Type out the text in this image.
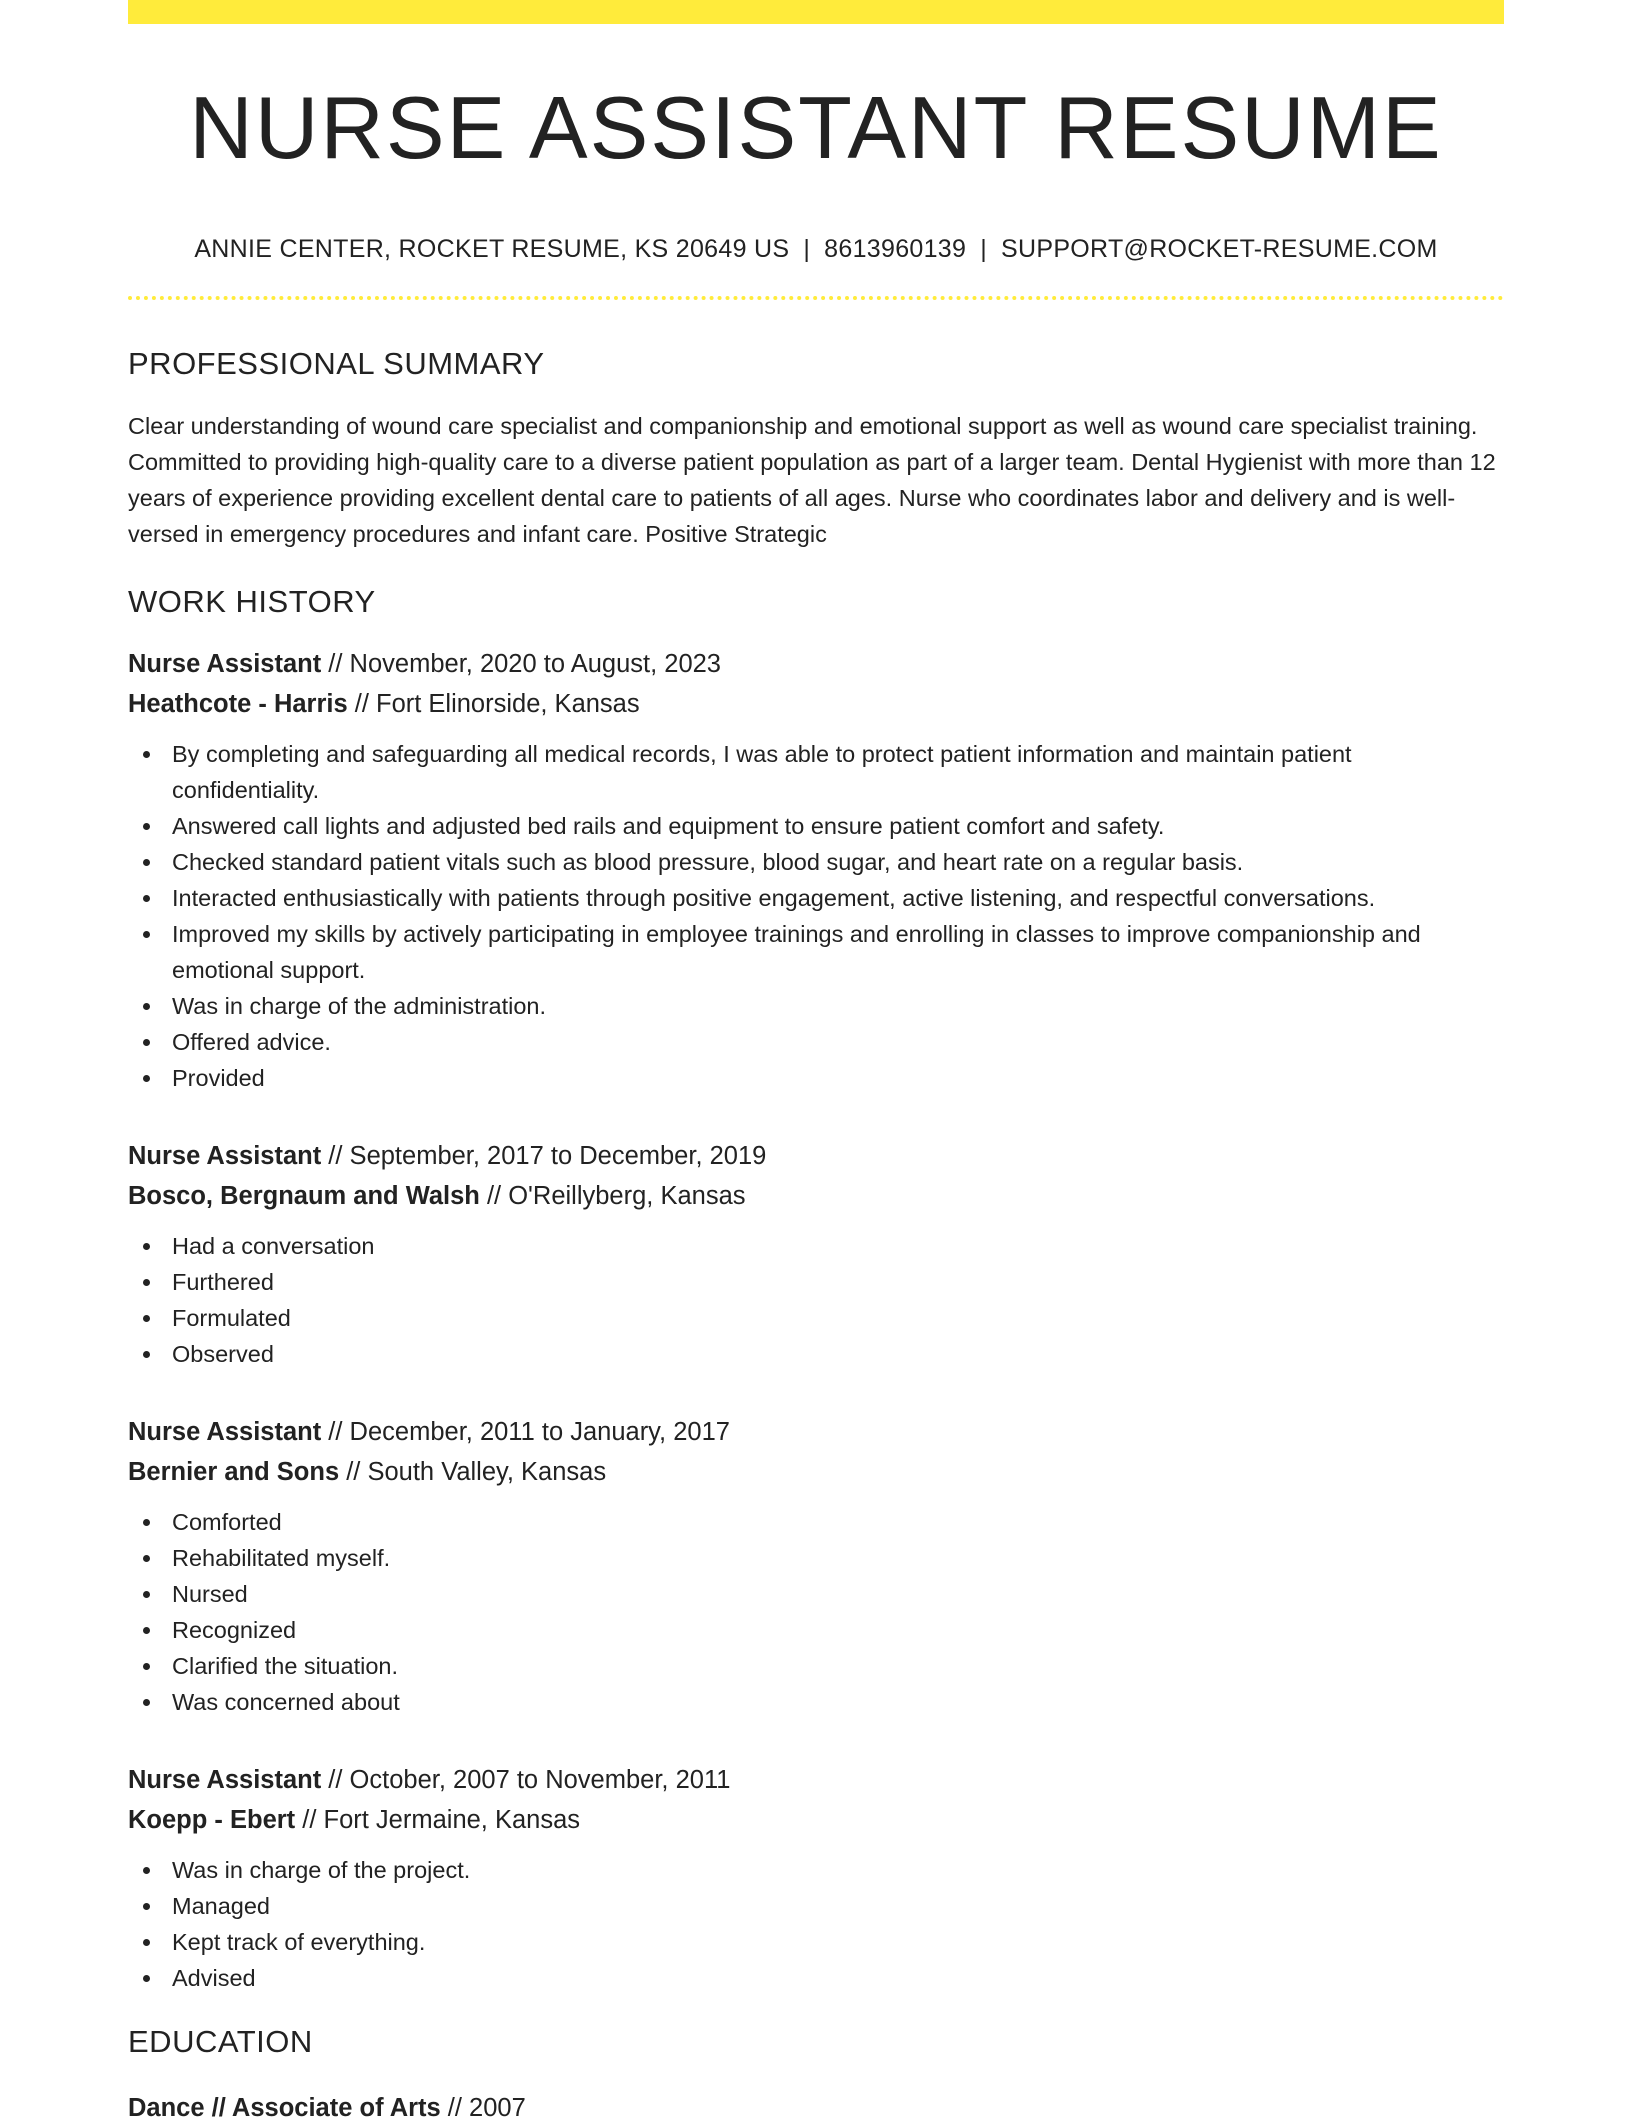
NURSE ASSISTANT RESUME
ANNIE CENTER, ROCKET RESUME, KS 20649 US | 8613960139 | SUPPORT@ROCKET-RESUME.COM
PROFESSIONAL SUMMARY

Clear understanding of wound care specialist and companionship and emotional support as well as wound care specialist training. Committed to providing high-quality care to a diverse patient population as part of a larger team. Dental Hygienist with more than 12 years of experience providing excellent dental care to patients of all ages. Nurse who coordinates labor and delivery and is well-versed in emergency procedures and infant care. Positive Strategic

WORK HISTORY
Nurse Assistant // November, 2020 to August, 2023
Heathcote - Harris // Fort Elinorside, Kansas
By completing and safeguarding all medical records, I was able to protect patient information and maintain patient confidentiality.
Answered call lights and adjusted bed rails and equipment to ensure patient comfort and safety.
Checked standard patient vitals such as blood pressure, blood sugar, and heart rate on a regular basis.
Interacted enthusiastically with patients through positive engagement, active listening, and respectful conversations.
Improved my skills by actively participating in employee trainings and enrolling in classes to improve companionship and emotional support.
Was in charge of the administration.
Offered advice.
Provided
Nurse Assistant // September, 2017 to December, 2019
Bosco, Bergnaum and Walsh // O'Reillyberg, Kansas
Had a conversation
Furthered
Formulated
Observed
Nurse Assistant // December, 2011 to January, 2017
Bernier and Sons // South Valley, Kansas
Comforted
Rehabilitated myself.
Nursed
Recognized
Clarified the situation.
Was concerned about
Nurse Assistant // October, 2007 to November, 2011
Koepp - Ebert // Fort Jermaine, Kansas
Was in charge of the project.
Managed
Kept track of everything.
Advised
EDUCATION
Dance // Associate of Arts // 2007
